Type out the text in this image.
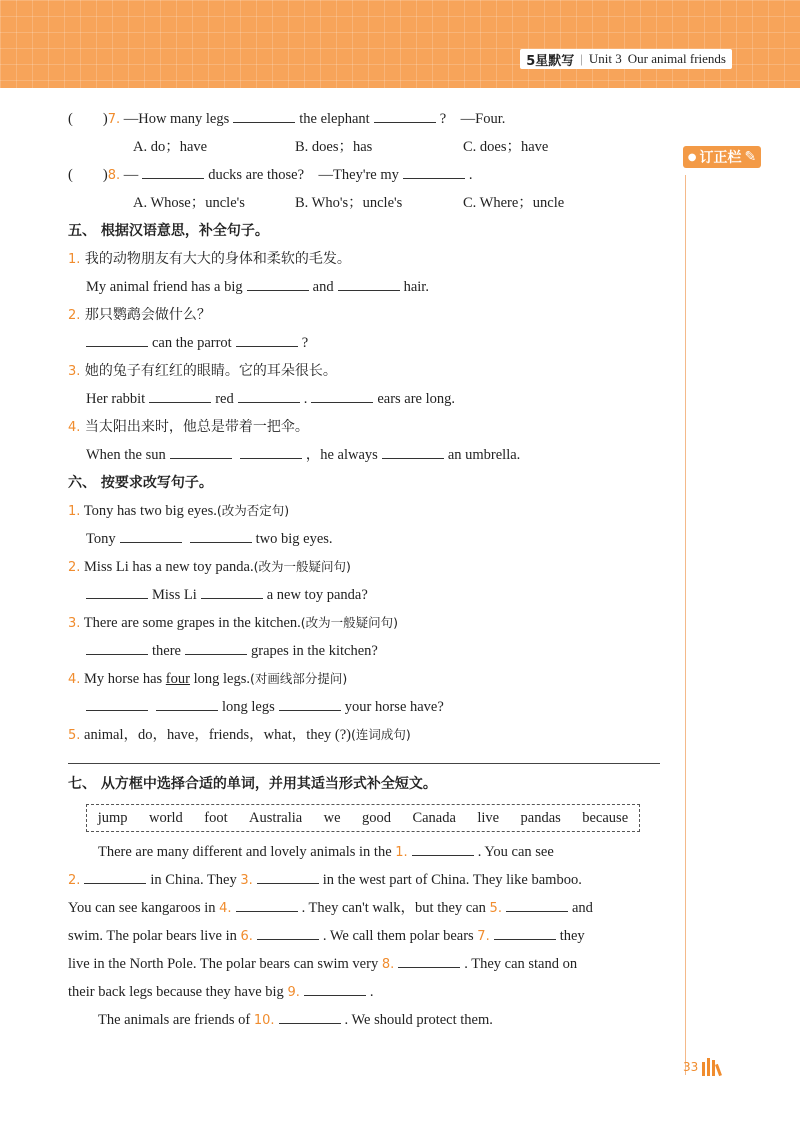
5星默写 | Unit 3 Our animal friends
● 订正栏 ✎
( )7. —How many legs	the elephant	? —Four.
A. do；have	B. does；has	C. does；have
( )8. —	ducks are those? —They're my	.
A. Whose；uncle's	B. Who's；uncle's	C. Where；uncle
五、 根据汉语意思，补全句子。
1. 我的动物朋友有大大的身体和柔软的毛发。
My animal friend has a big	and	hair.
2. 那只鹦鹉会做什么？
can the parrot	?
3. 她的兔子有红红的眼睛。它的耳朵很长。
Her rabbit	red	.	ears are long.
4. 当太阳出来时，他总是带着一把伞。
When the sun	，he always	an umbrella.
六、 按要求改写句子。
1. Tony has two big eyes.(改为否定句)
Tony	two big eyes.
2. Miss Li has a new toy panda.(改为一般疑问句)
Miss Li	a new toy panda?
3. There are some grapes in the kitchen.(改为一般疑问句)
there	grapes in the kitchen?
4. My horse has four long legs.(对画线部分提问)
long legs	your horse have?
5. animal，do，have，friends，what，they (?)(连词成句)
七、 从方框中选择合适的单词，并用其适当形式补全短文。
jump world foot Australia we good Canada live pandas because
There are many different and lovely animals in the 1.	. You can see
2.	in China. They 3.	in the west part of China. They like bamboo.
You can see kangaroos in 4.	. They can't walk，but they can 5.	and
swim. The polar bears live in 6.	. We call them polar bears 7.	they
live in the North Pole. The polar bears can swim very 8.	. They can stand on
their back legs because they have big 9.	.
The animals are friends of 10.	. We should protect them.
33
